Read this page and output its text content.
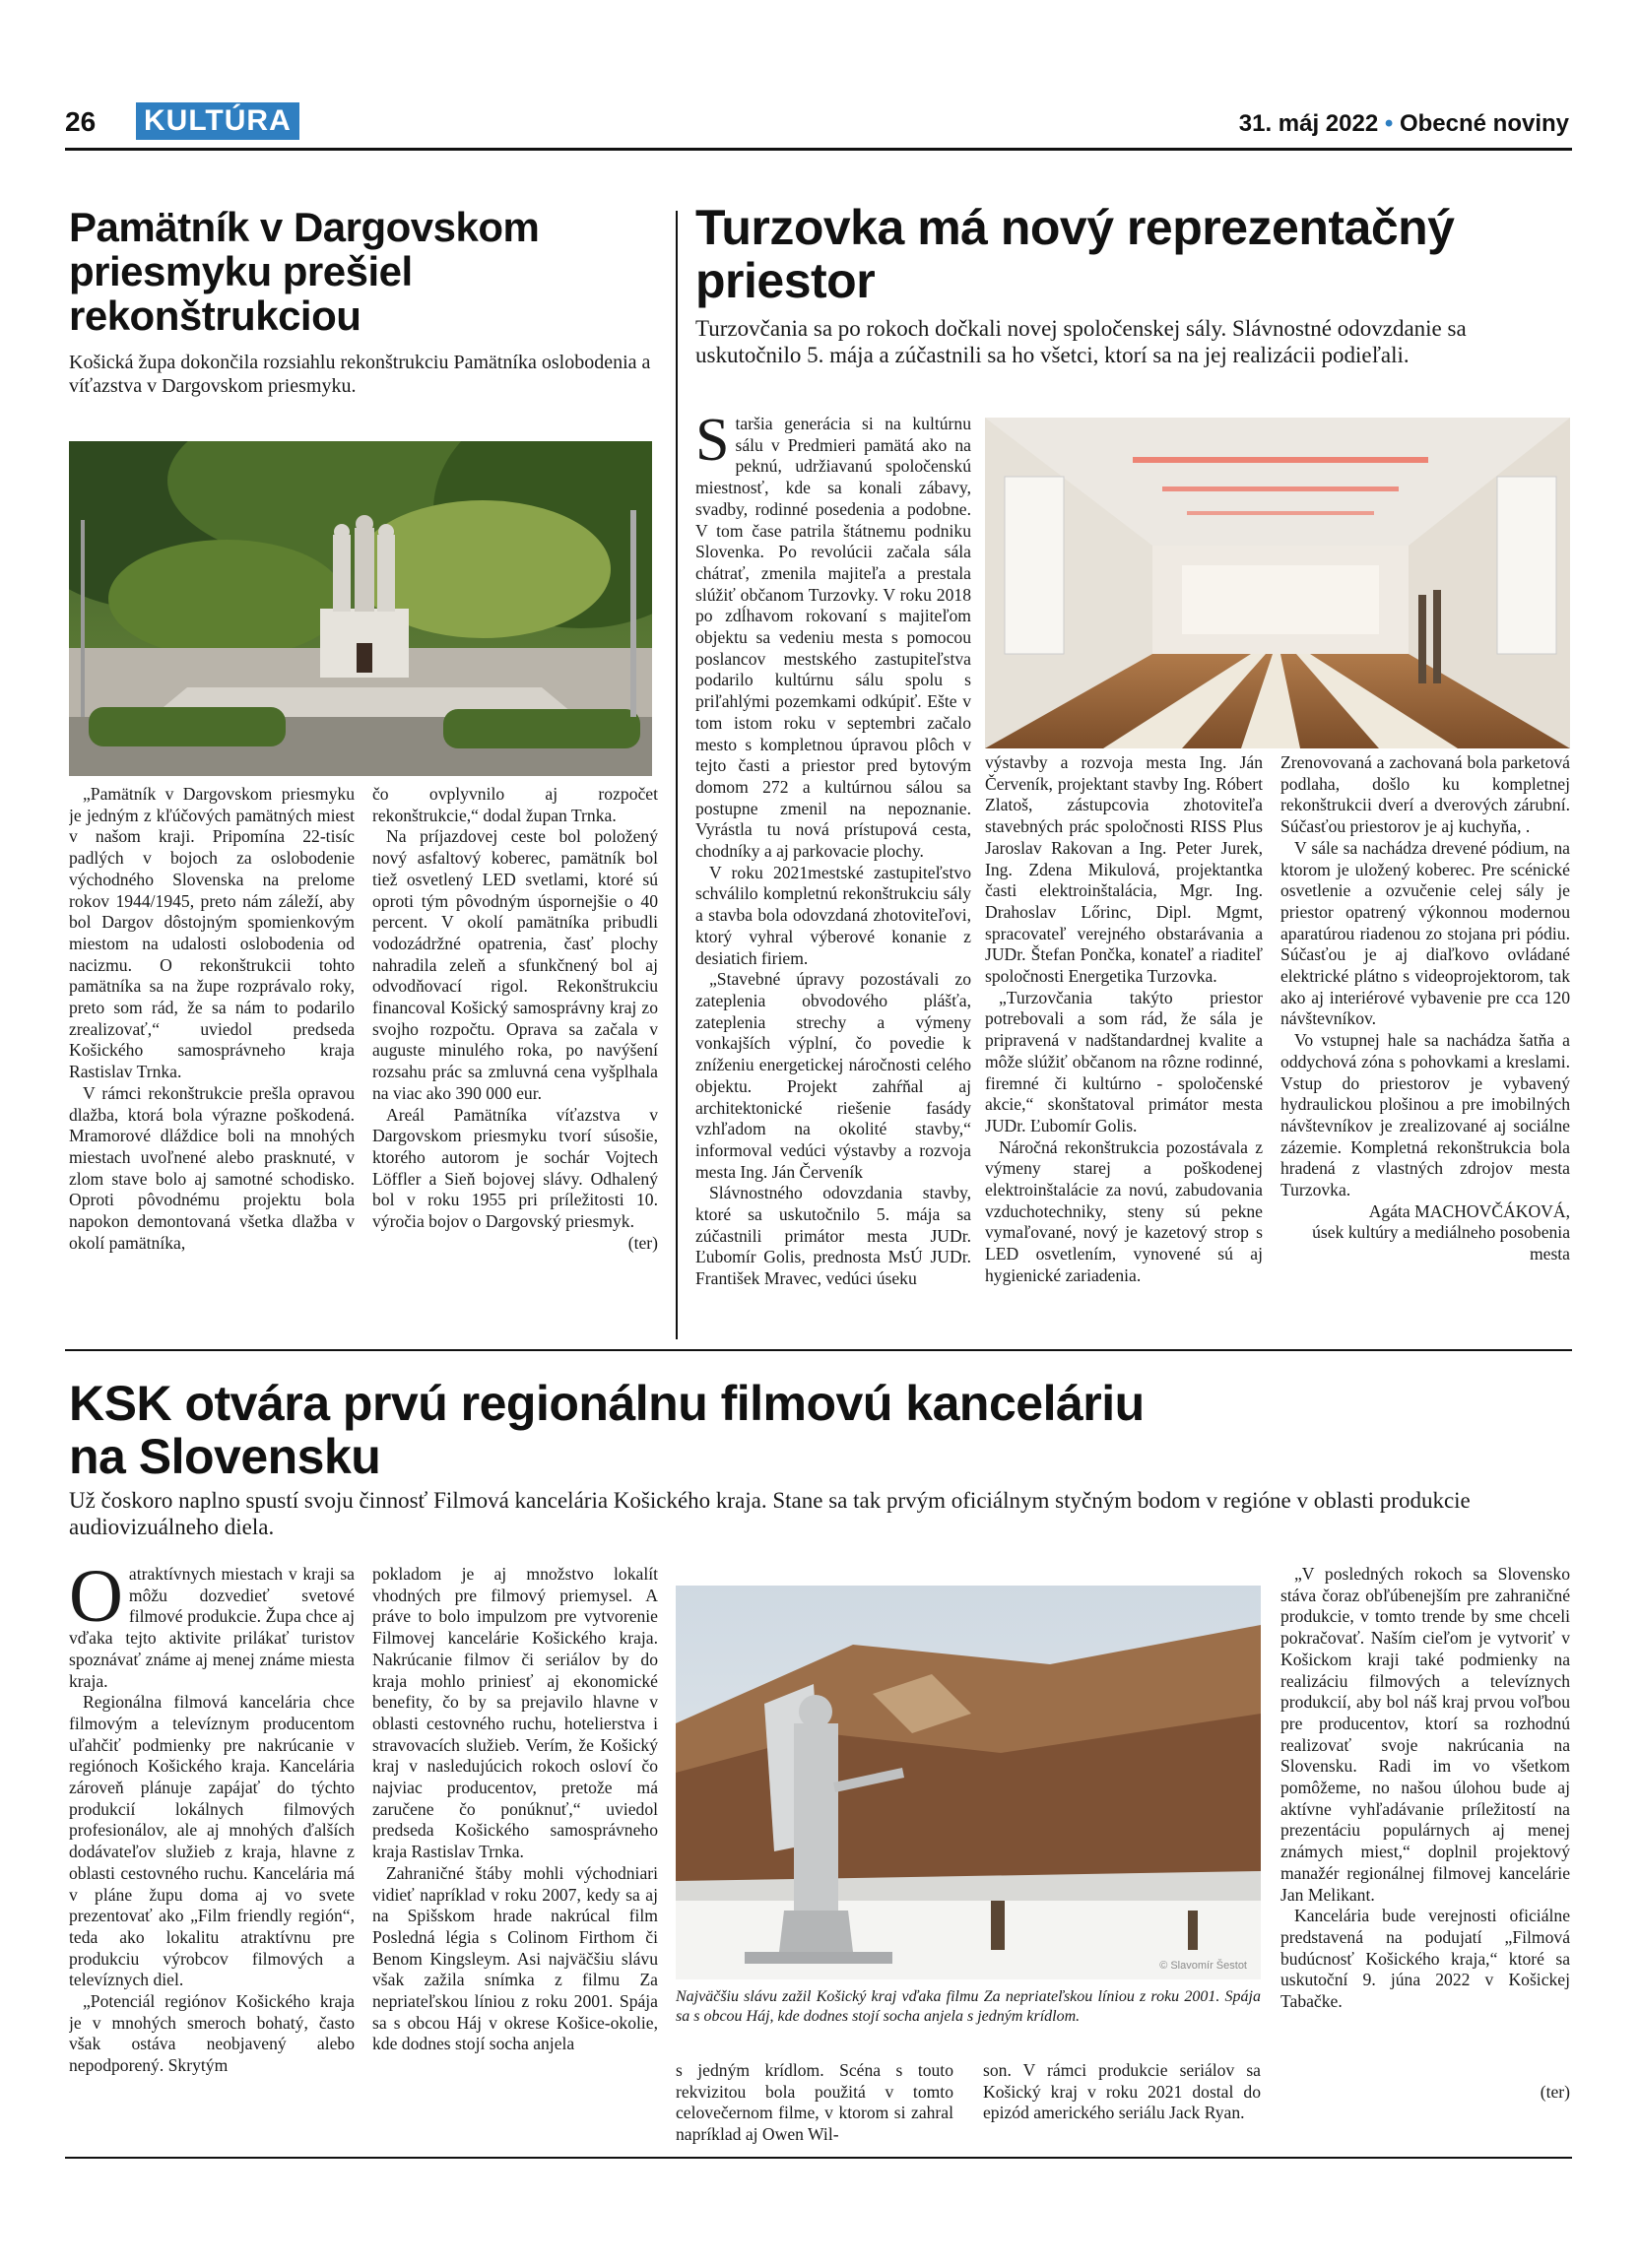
26 KULTÚRA	31. máj 2022 • Obecné noviny
Pamätník v Dargovskom
priesmyku prešiel
rekonštrukciou
Košická župa dokončila rozsiahlu rekonštrukciu Pamätníka oslobodenia a víťazstva v Dargovskom priesmyku.

„Pamätník v Dargovskom priesmyku je jedným z kľúčových pamätných miest v našom kraji. Pripomína 22-tisíc padlých v bojoch za oslobodenie východného Slovenska na prelome rokov 1944/1945, preto nám záleží, aby bol Dargov dôstojným spomienkovým miestom na udalosti oslobodenia od nacizmu. O rekonštrukcii tohto pamätníka sa na župe rozprávalo roky, preto som rád, že sa nám to podarilo zrealizovať,“ uviedol predseda Košického samosprávneho kraja Rastislav Trnka.

V rámci rekonštrukcie prešla opravou dlažba, ktorá bola výrazne poškodená. Mramorové dláždice boli na mnohých miestach uvoľnené alebo prasknuté, v zlom stave bolo aj samotné schodisko. Oproti pôvodnému projektu bola napokon demontovaná všetka dlažba v okolí pamätníka,

čo ovplyvnilo aj rozpočet rekonštrukcie,“ dodal župan Trnka.

Na príjazdovej ceste bol položený nový asfaltový koberec, pamätník bol tiež osvetlený LED svetlami, ktoré sú oproti tým pôvodným úspornejšie o 40 percent. V okolí pamätníka pribudli vodozádržné opatrenia, časť plochy nahradila zeleň a sfunkčnený bol aj odvodňovací rigol. Rekonštrukciu financoval Košický samosprávny kraj zo svojho rozpočtu. Oprava sa začala v auguste minulého roka, po navýšení rozsahu prác sa zmluvná cena vyšplhala na viac ako 390 000 eur.

Areál Pamätníka víťazstva v Dargovskom priesmyku tvorí súsošie, ktorého autorom je sochár Vojtech Löffler a Sieň bojovej slávy. Odhalený bol v roku 1955 pri príležitosti 10. výročia bojov o Dargovský priesmyk.

(ter)

Turzovka má nový reprezentačný
priestor
Turzovčania sa po rokoch dočkali novej spoločenskej sály. Slávnostné odovzdanie sa uskutočnilo 5. mája a zúčastnili sa ho všetci, ktorí sa na jej realizácii podieľali.

Staršia generácia si na kultúrnu sálu v Predmieri pamätá ako na peknú, udržiavanú spoločenskú miestnosť, kde sa konali zábavy, svadby, rodinné posedenia a podobne. V tom čase patrila štátnemu podniku Slovenka. Po revolúcii začala sála chátrať, zmenila majiteľa a prestala slúžiť občanom Turzovky. V roku 2018 po zdĺhavom rokovaní s majiteľom objektu sa vedeniu mesta s pomocou poslancov mestského zastupiteľstva podarilo kultúrnu sálu spolu s priľahlými pozemkami odkúpiť. Ešte v tom istom roku v septembri začalo mesto s kompletnou úpravou plôch v tejto časti a priestor pred bytovým domom 272 a kultúrnou sálou sa postupne zmenil na nepoznanie. Vyrástla tu nová prístupová cesta, chodníky a aj parkovacie plochy.

V roku 2021mestské zastupiteľstvo schválilo kompletnú rekonštrukciu sály a stavba bola odovzdaná zhotoviteľovi, ktorý vyhral výberové konanie z desiatich firiem.

„Stavebné úpravy pozostávali zo zateplenia obvodového plášťa, zateplenia strechy a výmeny vonkajších výplní, čo povedie k zníženiu energetickej náročnosti celého objektu. Projekt zahŕňal aj architektonické riešenie fasády vzhľadom na okolité stavby,“ informoval vedúci výstavby a rozvoja mesta Ing. Ján Červeník

Slávnostného odovzdania stavby, ktoré sa uskutočnilo 5. mája sa zúčastnili primátor mesta JUDr. Ľubomír Golis, prednosta MsÚ JUDr. František Mravec, vedúci úseku

výstavby a rozvoja mesta Ing. Ján Červeník, projektant stavby Ing. Róbert Zlatoš, zástupcovia zhotoviteľa stavebných prác spoločnosti RISS Plus Jaroslav Rakovan a Ing. Peter Jurek, Ing. Zdena Mikulová, projektantka časti elektroinštalácia, Mgr. Ing. Drahoslav Lőrinc, Dipl. Mgmt, spracovateľ verejného obstarávania a JUDr. Štefan Pončka, konateľ a riaditeľ spoločnosti Energetika Turzovka.

„Turzovčania takýto priestor potrebovali a som rád, že sála je pripravená v nadštandardnej kvalite a môže slúžiť občanom na rôzne rodinné, firemné či kultúrno - spoločenské akcie,“ skonštatoval primátor mesta JUDr. Ľubomír Golis.

Náročná rekonštrukcia pozostávala z výmeny starej a poškodenej elektroinštalácie za novú, zabudovania vzduchotechniky, steny sú pekne vymaľované, nový je kazetový strop s LED osvetlením, vynovené sú aj hygienické zariadenia.

Zrenovovaná a zachovaná bola parketová podlaha, došlo ku kompletnej rekonštrukcii dverí a dverových zárubní. Súčasťou priestorov je aj kuchyňa, .

V sále sa nachádza drevené pódium, na ktorom je uložený koberec. Pre scénické osvetlenie a ozvučenie celej sály je priestor opatrený výkonnou modernou aparatúrou riadenou zo stojana pri pódiu. Súčasťou je aj diaľkovo ovládané elektrické plátno s videoprojektorom, tak ako aj interiérové vybavenie pre cca 120 návštevníkov.

Vo vstupnej hale sa nachádza šatňa a oddychová zóna s pohovkami a kreslami. Vstup do priestorov je vybavený hydraulickou plošinou a pre imobilných návštevníkov je zrealizované aj sociálne zázemie. Kompletná rekonštrukcia bola hradená z vlastných zdrojov mesta Turzovka.

Agáta MACHOVČÁKOVÁ,

úsek kultúry a mediálneho posobenia mesta

KSK otvára prvú regionálnu filmovú kanceláriu
na Slovensku
Už čoskoro naplno spustí svoju činnosť Filmová kancelária Košického kraja. Stane sa tak prvým oficiálnym styčným bodom v regióne v oblasti produkcie audiovizuálneho diela.

Oatraktívnych miestach v kraji sa môžu dozvedieť svetové filmové produkcie. Župa chce aj vďaka tejto aktivite prilákať turistov spoznávať známe aj menej známe miesta kraja.

Regionálna filmová kancelária chce filmovým a televíznym producentom uľahčiť podmienky pre nakrúcanie v regiónoch Košického kraja. Kancelária zároveň plánuje zapájať do týchto produkcií lokálnych filmových profesionálov, ale aj mnohých ďalších dodávateľov služieb z kraja, hlavne z oblasti cestovného ruchu. Kancelária má v pláne župu doma aj vo svete prezentovať ako „Film friendly región“, teda ako lokalitu atraktívnu pre produkciu výrobcov filmových a televíznych diel.

„Potenciál regiónov Košického kraja je v mnohých smeroch bohatý, často však ostáva neobjavený alebo nepodporený. Skrytým

pokladom je aj množstvo lokalít vhodných pre filmový priemysel. A práve to bolo impulzom pre vytvorenie Filmovej kancelárie Košického kraja. Nakrúcanie filmov či seriálov by do kraja mohlo priniesť aj ekonomické benefity, čo by sa prejavilo hlavne v oblasti cestovného ruchu, hotelierstva i stravovacích služieb. Verím, že Košický kraj v nasledujúcich rokoch osloví čo najviac producentov, pretože má zaručene čo ponúknuť,“ uviedol predseda Košického samosprávneho kraja Rastislav Trnka.

Zahraničné štáby mohli východniari vidieť napríklad v roku 2007, kedy sa aj na Spišskom hrade nakrúcal film Posledná légia s Colinom Firthom či Benom Kingsleym. Asi najväčšiu slávu však zažila snímka z filmu Za nepriateľskou líniou z roku 2001. Spája sa s obcou Háj v okrese Košice-okolie, kde dodnes stojí socha anjela

© Slavomír Šestot
Najväčšiu slávu zažil Košický kraj vďaka filmu Za nepriateľskou líniou z roku 2001. Spája sa s obcou Háj, kde dodnes stojí socha anjela s jedným krídlom.

s jedným krídlom. Scéna s touto rekvizitou bola použitá v tomto celovečernom filme, v ktorom si zahral napríklad aj Owen Wil-

son. V rámci produkcie seriálov sa Košický kraj v roku 2021 dostal do epizód amerického seriálu Jack Ryan.

„V posledných rokoch sa Slovensko stáva čoraz obľúbenejším pre zahraničné produkcie, v tomto trende by sme chceli pokračovať. Naším cieľom je vytvoriť v Košickom kraji také podmienky na realizáciu filmových a televíznych produkcií, aby bol náš kraj prvou voľbou pre producentov, ktorí sa rozhodnú realizovať svoje nakrúcania na Slovensku. Radi im vo všetkom pomôžeme, no našou úlohou bude aj aktívne vyhľadávanie príležitostí na prezentáciu populárnych aj menej známych miest,“ doplnil projektový manažér regionálnej filmovej kancelárie Jan Melikant.

Kancelária bude verejnosti oficiálne predstavená na podujatí „Filmová budúcnosť Košického kraja,“ ktoré sa uskutoční 9. júna 2022 v Košickej Tabačke.

(ter)
